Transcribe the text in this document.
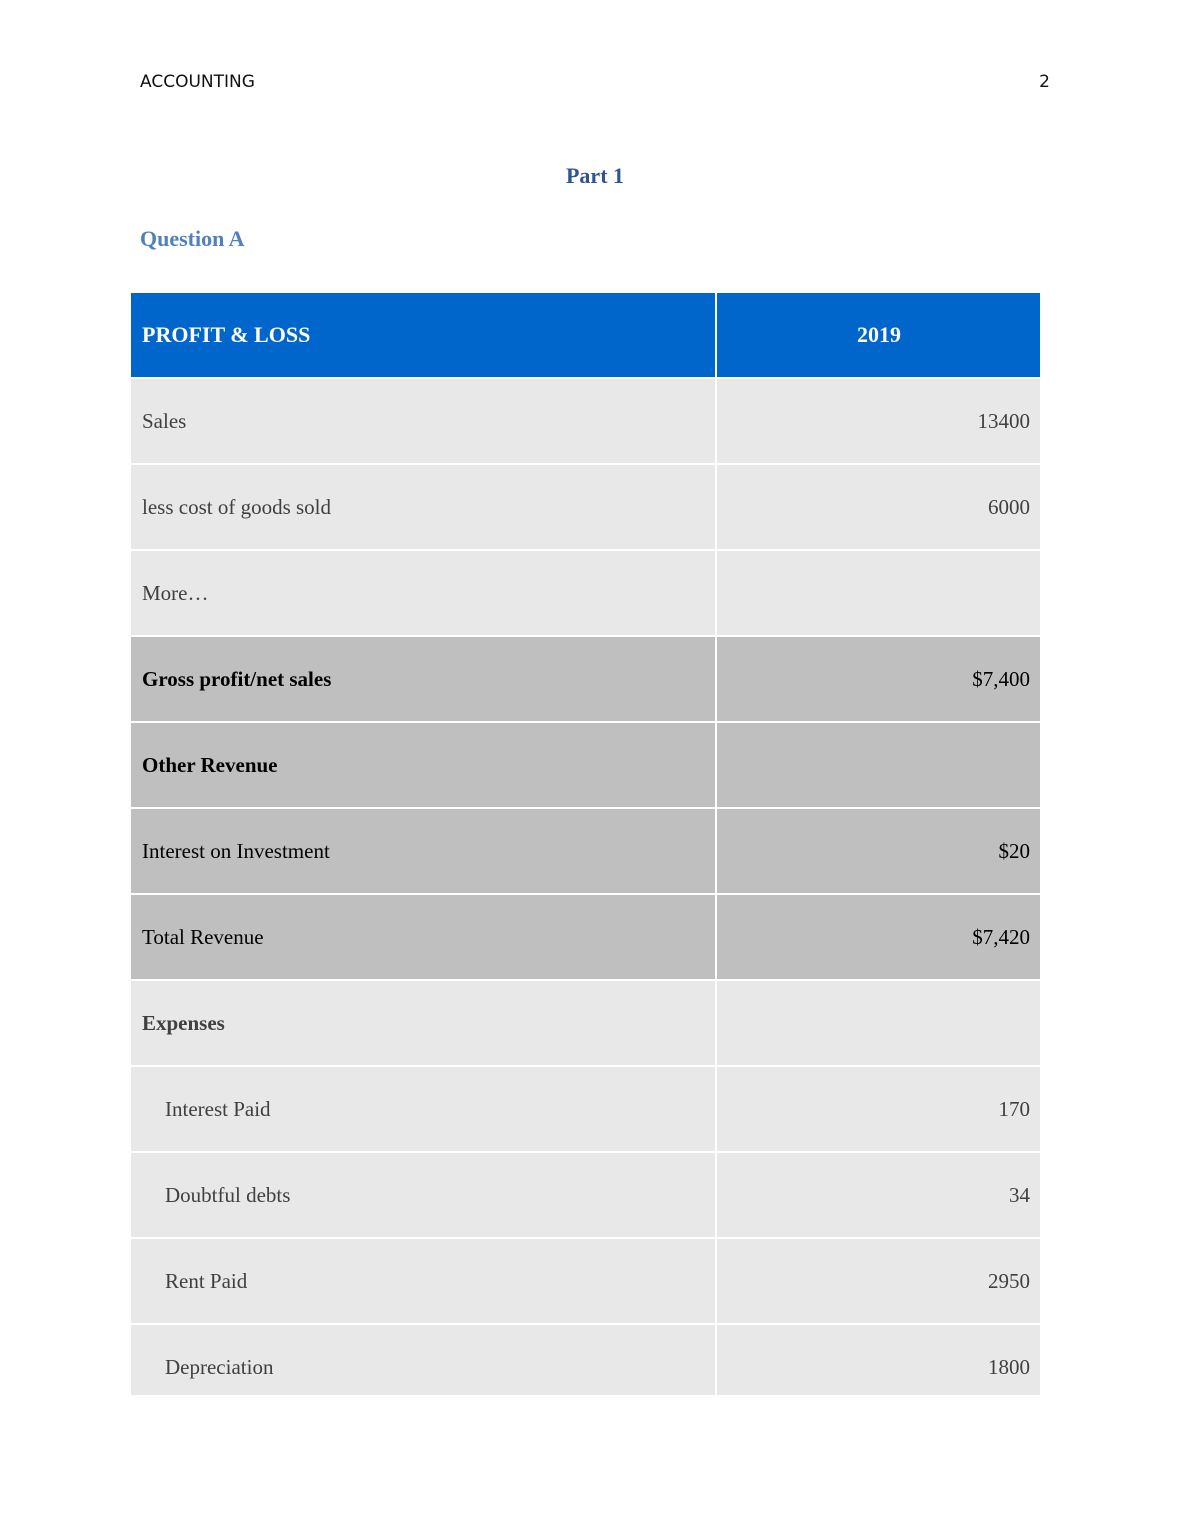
ACCOUNTING	2
Part 1
Question A
PROFIT & LOSS	2019
Sales	13400
less cost of goods sold	6000
More…	
Gross profit/net sales	$7,400
Other Revenue	
Interest on Investment	$20
Total Revenue	$7,420
Expenses	
Interest Paid	170
Doubtful debts	34
Rent Paid	2950
Depreciation	1800
